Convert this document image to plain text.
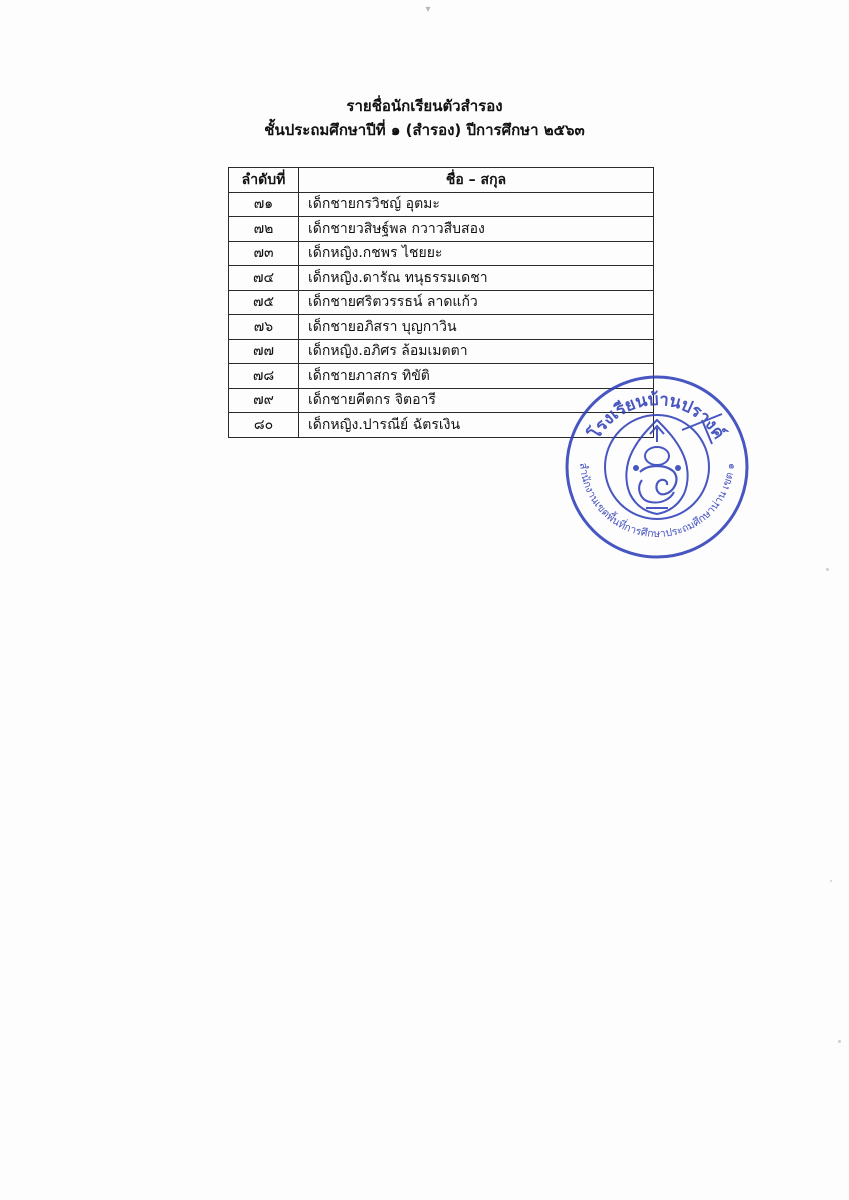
▾
รายชื่อนักเรียนตัวสำรอง
ชั้นประถมศึกษาปีที่ ๑ (สำรอง) ปีการศึกษา ๒๕๖๓
ลำดับที่	ชื่อ – สกุล
๗๑	เด็กชายกรวิชญ์ อุตมะ
๗๒	เด็กชายวสิษฐ์พล กวาวสืบสอง
๗๓	เด็กหญิง.กชพร ไชยยะ
๗๔	เด็กหญิง.ดารัณ ทนุธรรมเดชา
๗๕	เด็กชายศริตวรรธน์ ลาดแก้ว
๗๖	เด็กชายอภิสรา บุญกาวิน
๗๗	เด็กหญิง.อภิศร ล้อมเมตตา
๗๘	เด็กชายภาสกร ทิขัติ
๗๙	เด็กชายคีตกร จิตอารี
๘๐	เด็กหญิง.ปารณีย์ ฉัตรเงิน	โรงเรียนบ้านปรางค์
สำนักงานเขตพื้นที่การศึกษาประถมศึกษาน่าน เขต ๑
